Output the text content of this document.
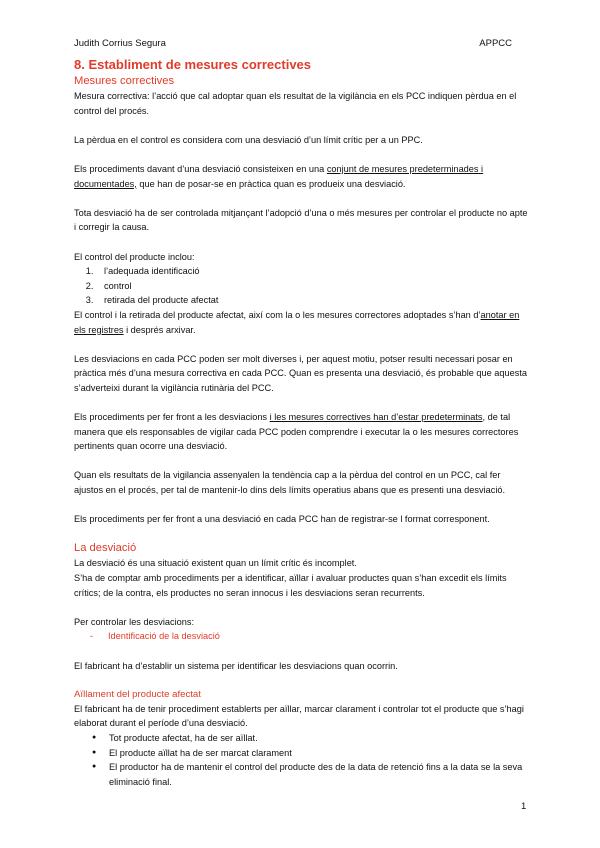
Judith Corrius Segura	APPCC
8. Establiment de mesures correctives
Mesures correctives

Mesura correctiva: l’acció que cal adoptar quan els resultat de la vigilància en els PCC indiquen pèrdua en el control del procés.

La pèrdua en el control es considera com una desviació d’un límit crític per a un PPC.

Els procediments davant d’una desviació consisteixen en una conjunt de mesures predeterminades i documentades, que han de posar-se en pràctica quan es produeix una desviació.

Tota desviació ha de ser controlada mitjançant l’adopció d’una o més mesures per controlar el producte no apte i corregir la causa.

El control del producte inclou:

1. l’adequada identificació
2. control
3. retirada del producte afectat

El control i la retirada del producte afectat, així com la o les mesures correctores adoptades s’han d’anotar en els registres i després arxivar.

Les desviacions en cada PCC poden ser molt diverses i, per aquest motiu, potser resulti necessari posar en pràctica més d’una mesura correctiva en cada PCC. Quan es presenta una desviació, és probable que aquesta s’adverteixi durant la vigilància rutinària del PCC.

Els procediments per fer front a les desviacions i les mesures correctives han d’estar predeterminats, de tal manera que els responsables de vigilar cada PCC poden comprendre i executar la o les mesures correctores pertinents quan ocorre una desviació.

Quan els resultats de la vigilancia assenyalen la tendència cap a la pèrdua del control en un PCC, cal fer ajustos en el procés, per tal de mantenir-lo dins dels límits operatius abans que es presenti una desviació.

Els procediments per fer front a una desviació en cada PCC han de registrar-se l format corresponent.

La desviació

La desviació és una situació existent quan un límit crític és incomplet.

S’ha de comptar amb procediments per a identificar, aïllar i avaluar productes quan s’han excedit els límits crítics; de la contra, els productes no seran innocus i les desviacions seran recurrents.

Per controlar les desviacions:

- Identificació de la desviació

El fabricant ha d’establir un sistema per identificar les desviacions quan ocorrin.

Aïllament del producte afectat

El fabricant ha de tenir procediment establerts per aïllar, marcar clarament i controlar tot el producte que s’hagi elaborat durant el període d’una desviació.

● Tot producte afectat, ha de ser aïllat.
● El producte aïllat ha de ser marcat clarament
● El productor ha de mantenir el control del producte des de la data de retenció fins a la data se la seva eliminació final.
1
